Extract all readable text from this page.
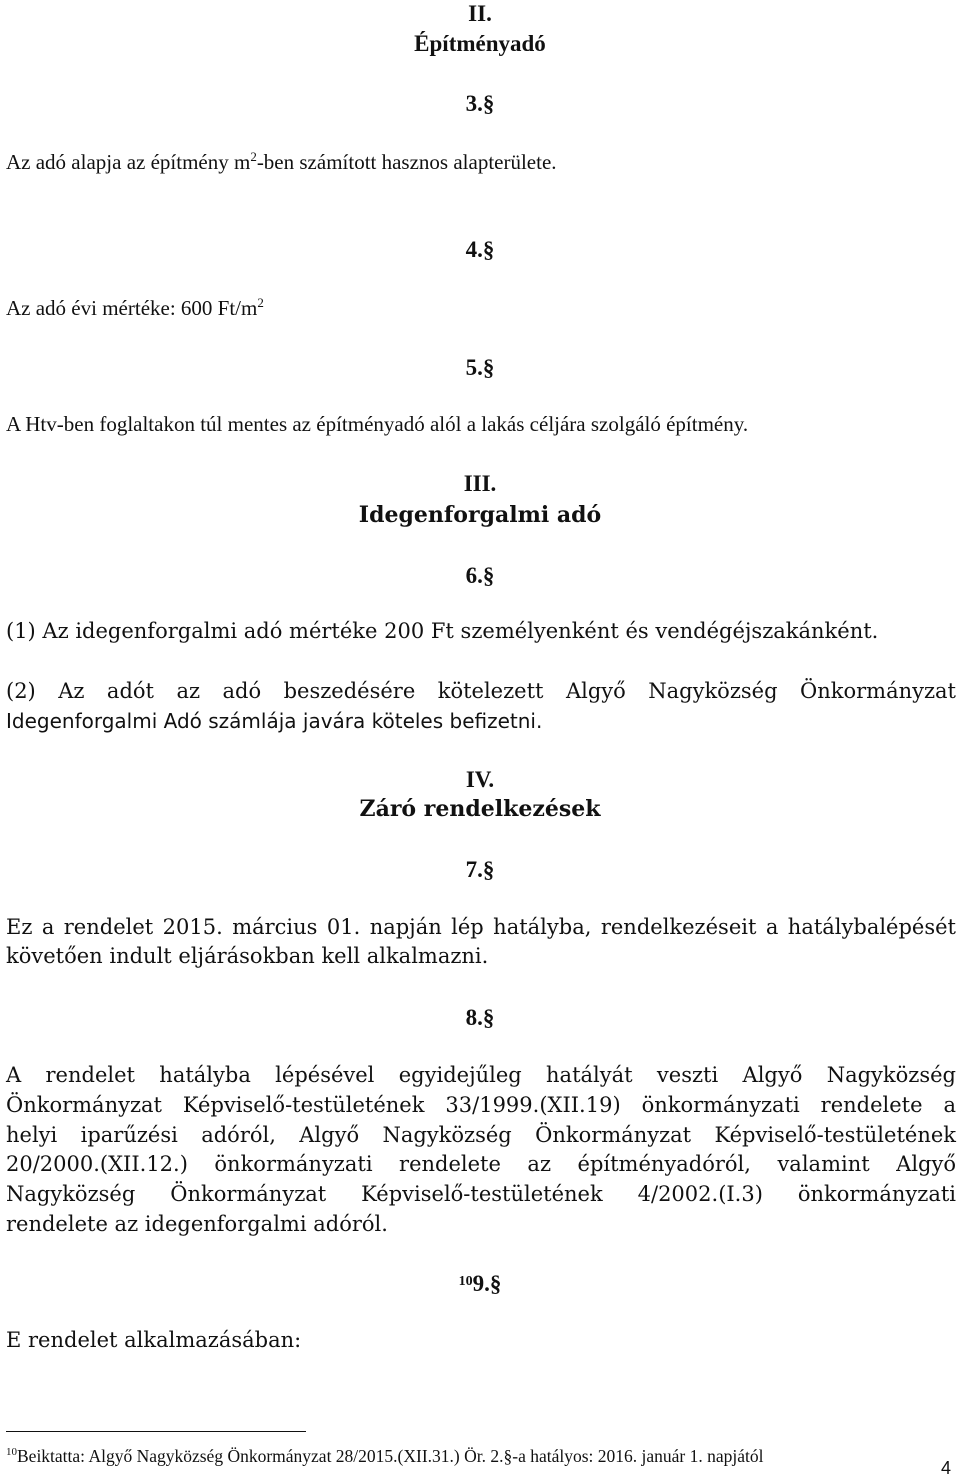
II.
Építményadó
3.§
Az adó alapja az építmény $m^2$-ben számított hasznos alapterülete.
4.§
Az adó évi mértéke: 600 $Ft/m^2$
5.§
A Htv-ben foglaltakon túl mentes az építményadó alól a lakás céljára szolgáló építmény.
III.
Idegenforgalmi adó
6.§
(1) Az idegenforgalmi adó mértéke 200 Ft személyenként és vendégéjszakánként.
(2) Az adót az adó beszedésére kötelezett Algyő Nagyközség Önkormányzat
Idegenforgalmi Adó számlája javára köteles befizetni.
IV.
Záró rendelkezések
7.§
Ez a rendelet 2015. március 01. napján lép hatályba, rendelkezéseit a hatálybalépését
követően indult eljárásokban kell alkalmazni.
8.§
A rendelet hatályba lépésével egyidejűleg hatályát veszti Algyő Nagyközség
Önkormányzat Képviselő-testületének 33/1999.(XII.19) önkormányzati rendelete a
helyi iparűzési adóról, Algyő Nagyközség Önkormányzat Képviselő-testületének
20/2000.(XII.12.) önkormányzati rendelete az építményadóról, valamint Algyő
Nagyközség Önkormányzat Képviselő-testületének 4/2002.(I.3) önkormányzati
rendelete az idegenforgalmi adóról.
$^{10}$9.§
E rendelet alkalmazásában:
$^{10}$Beiktatta: Algyő Nagyközség Önkormányzat 28/2015.(XII.31.) Ör. 2.§-a hatályos: 2016. január 1. napjától
4
